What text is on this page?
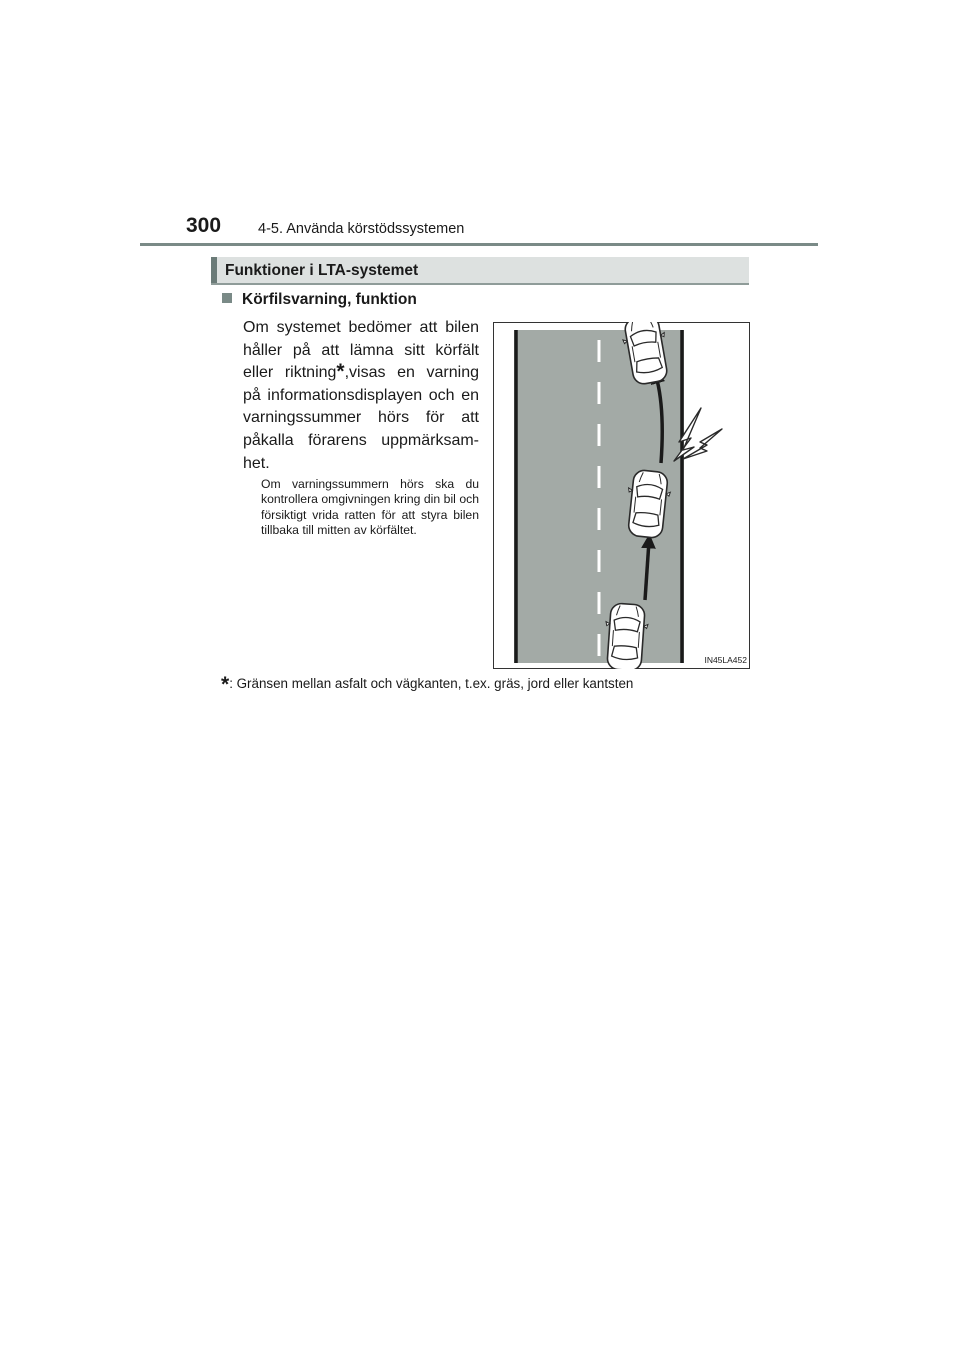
300	4-5. Använda körstödssystemen
Funktioner i LTA-systemet
Körfilsvarning, funktion
Om systemet bedömer att bilen håller på att lämna sitt körfält eller riktning*,visas en varning på informationsdisplayen och en varningssummer hörs för att påkalla förarens uppmärksam-het.
Om varningssummern hörs ska du kontrollera omgivningen kring din bil och försiktigt vrida ratten för att styra bilen tillbaka till mitten av körfältet.
IN45LA452
*: Gränsen mellan asfalt och vägkanten, t.ex. gräs, jord eller kantsten
